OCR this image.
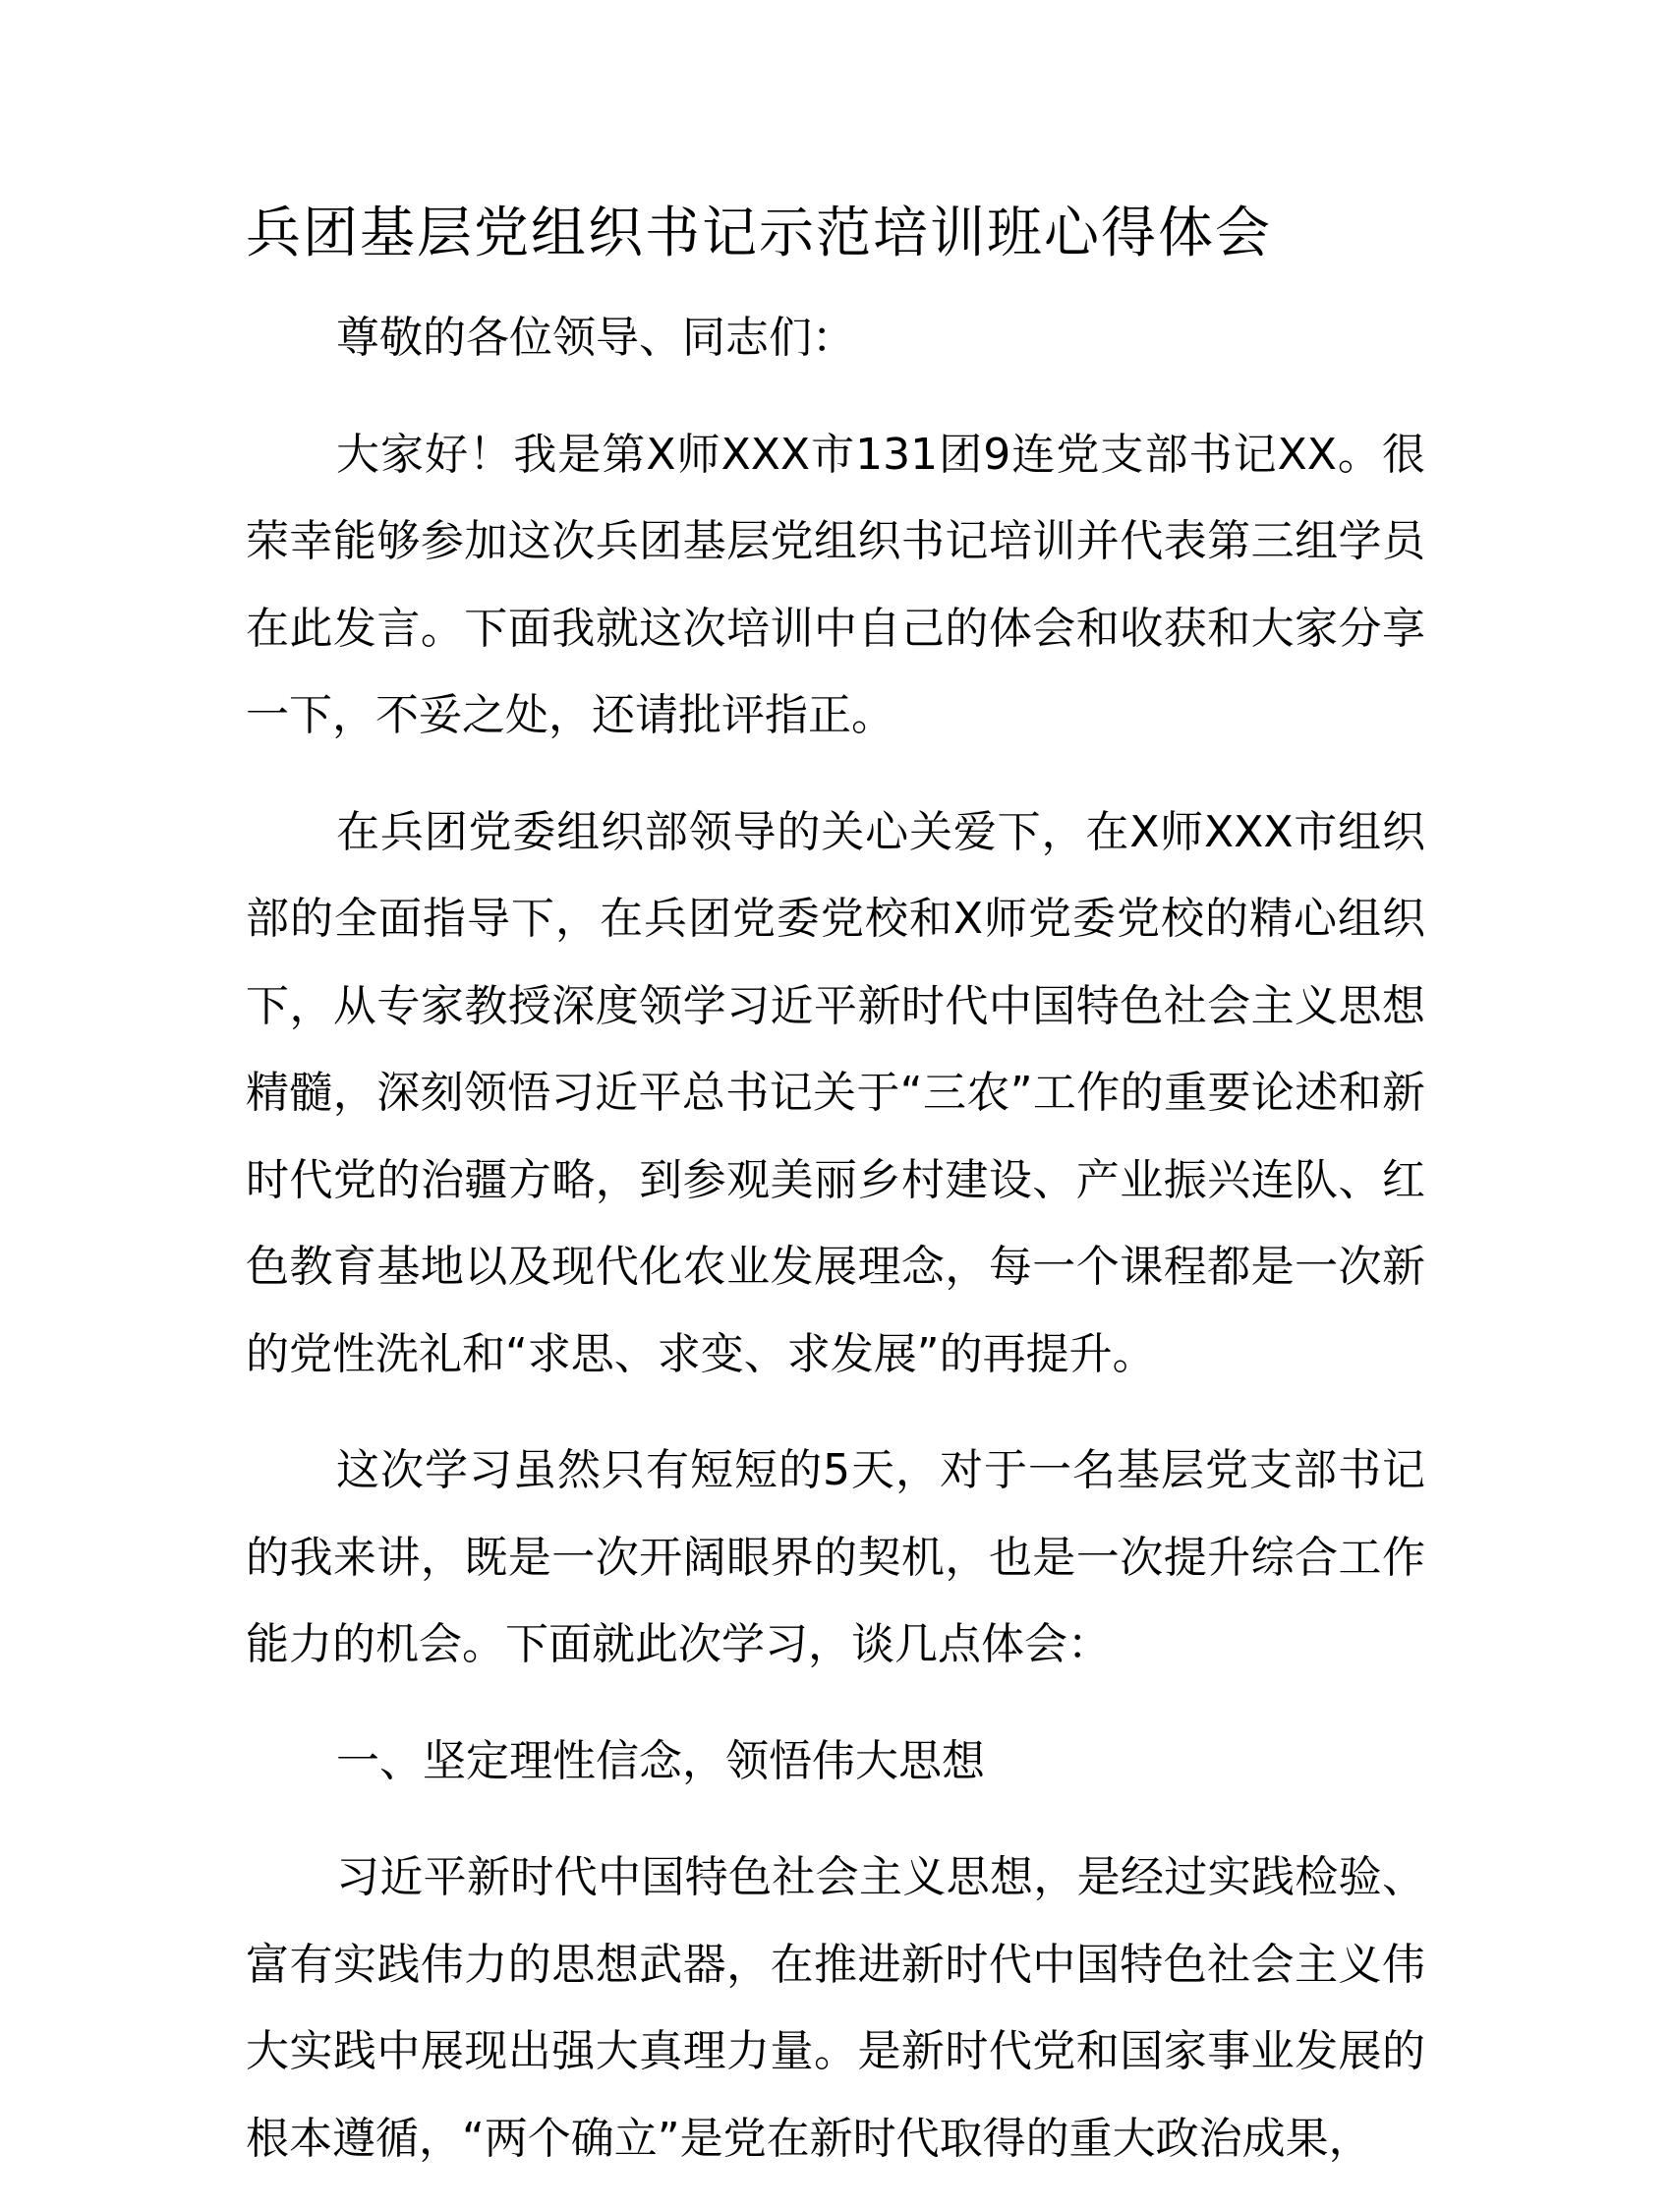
兵团基层党组织书记示范培训班心得体会

尊敬的各位领导、同志们：

大家好！我是第X师XXX市131团9连党支部书记XX。很荣幸能够参加这次兵团基层党组织书记培训并代表第三组学员在此发言。下面我就这次培训中自己的体会和收获和大家分享一下，不妥之处，还请批评指正。

在兵团党委组织部领导的关心关爱下，在X师XXX市组织部的全面指导下，在兵团党委党校和X师党委党校的精心组织下，从专家教授深度领学习近平新时代中国特色社会主义思想精髓，深刻领悟习近平总书记关于“三农”工作的重要论述和新时代党的治疆方略，到参观美丽乡村建设、产业振兴连队、红色教育基地以及现代化农业发展理念，每一个课程都是一次新的党性洗礼和“求思、求变、求发展”的再提升。

这次学习虽然只有短短的5天，对于一名基层党支部书记的我来讲，既是一次开阔眼界的契机，也是一次提升综合工作能力的机会。下面就此次学习，谈几点体会：

一、坚定理性信念，领悟伟大思想

习近平新时代中国特色社会主义思想，是经过实践检验、富有实践伟力的思想武器，在推进新时代中国特色社会主义伟大实践中展现出强大真理力量。是新时代党和国家事业发展的根本遵循，“两个确立”是党在新时代取得的重大政治成果，
